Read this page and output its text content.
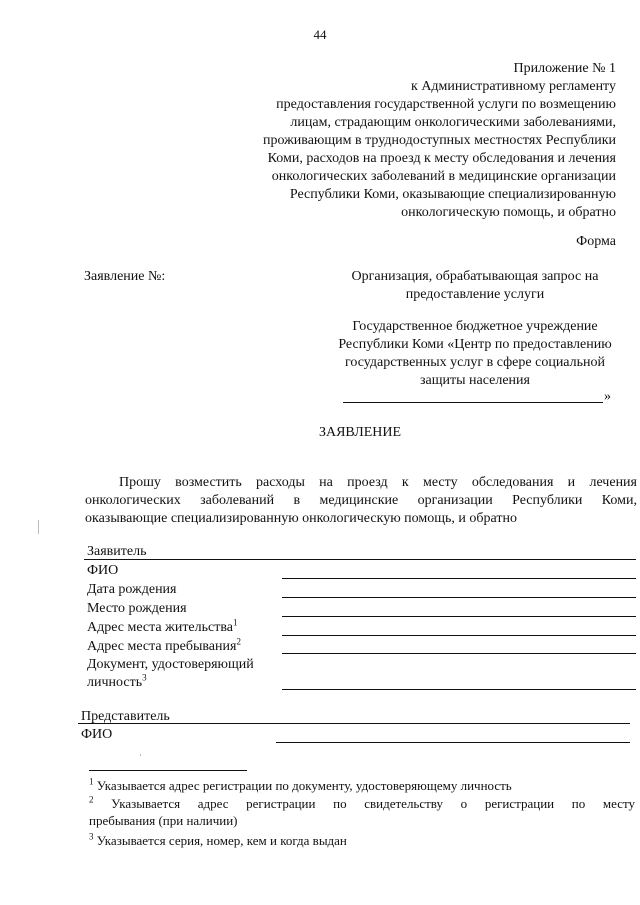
44
Приложение № 1
к Административному регламенту
предоставления государственной услуги по возмещению
лицам, страдающим онкологическими заболеваниями,
проживающим в труднодоступных местностях Республики
Коми, расходов на проезд к месту обследования и лечения
онкологических заболеваний в медицинские организации
Республики Коми, оказывающие специализированную
онкологическую помощь, и обратно
Форма
Заявление №:	Организация, обрабатывающая запрос на
предоставление услуги
Государственное бюджетное учреждение
Республики Коми «Центр по предоставлению
государственных услуг в сфере социальной
защиты населения
»
ЗАЯВЛЕНИЕ
Прошу возместить расходы на проезд к месту обследования и лечения
онкологических заболеваний в медицинские организации Республики Коми,
оказывающие специализированную онкологическую помощь, и обратно
Заявитель
ФИО
Дата рождения
Место рождения
Адрес места жительства$^1$
Адрес места пребывания$^2$
Документ, удостоверяющий
личность$^3$
Представитель
ФИО
$^1$ Указывается адрес регистрации по документу, удостоверяющему личность
$^2$ Указывается адрес регистрации по свидетельству о регистрации по месту
пребывания (при наличии)
$^3$ Указывается серия, номер, кем и когда выдан
